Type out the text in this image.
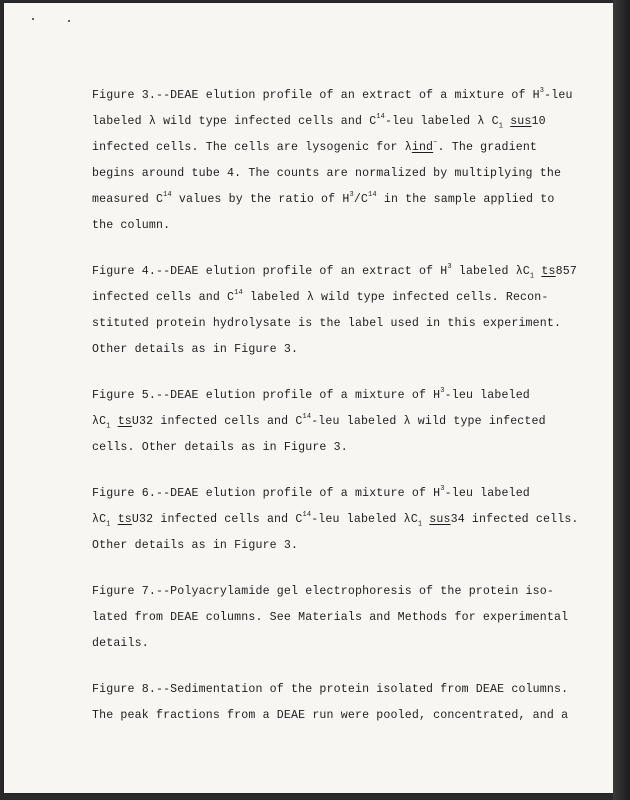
Figure 3.--DEAE elution profile of an extract of a mixture of $H^3$-leu
labeled λ wild type infected cells and $C^{14}$-leu labeled λ $C_1$ sus10
infected cells. The cells are lysogenic for λind−. The gradient
begins around tube 4. The counts are normalized by multiplying the
measured $C^{14}$ values by the ratio of $H^3/C^{14}$ in the sample applied to
the column.
Figure 4.--DEAE elution profile of an extract of $H^3$ labeled $\lambda C_1$ ts857
infected cells and $C^{14}$ labeled λ wild type infected cells. Recon-
stituted protein hydrolysate is the label used in this experiment.
Other details as in Figure 3.
Figure 5.--DEAE elution profile of a mixture of $H^3$-leu labeled
$\lambda C_1$ tsU32 infected cells and $C^{14}$-leu labeled λ wild type infected
cells. Other details as in Figure 3.
Figure 6.--DEAE elution profile of a mixture of $H^3$-leu labeled
$\lambda C_1$ tsU32 infected cells and $C^{14}$-leu labeled $\lambda C_1$ sus34 infected cells.
Other details as in Figure 3.
Figure 7.--Polyacrylamide gel electrophoresis of the protein iso-
lated from DEAE columns. See Materials and Methods for experimental
details.
Figure 8.--Sedimentation of the protein isolated from DEAE columns.
The peak fractions from a DEAE run were pooled, concentrated, and a
